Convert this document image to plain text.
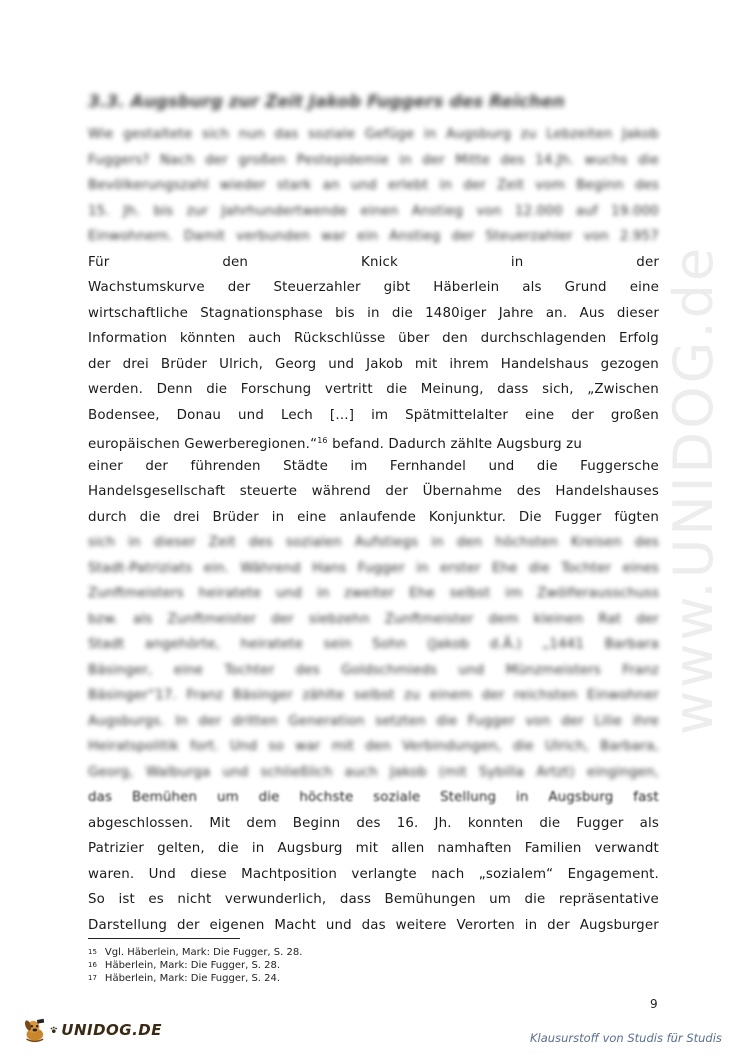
www.UNIDOG.de
3.3. Augsburg zur Zeit Jakob Fuggers des Reichen
Wie gestaltete sich nun das soziale Gefüge in Augsburg zu Lebzeiten Jakob
Fuggers? Nach der großen Pestepidemie in der Mitte des 14.Jh. wuchs die
Bevölkerungszahl wieder stark an und erlebt in der Zeit vom Beginn des
15. Jh. bis zur Jahrhundertwende einen Anstieg von 12.000 auf 19.000
Einwohnern. Damit verbunden war ein Anstieg der Steuerzahler von 2.957
Für	den	Knick	in	der
Wachstumskurve der Steuerzahler gibt Häberlein als Grund eine
wirtschaftliche Stagnationsphase bis in die 1480iger Jahre an. Aus dieser
Information könnten auch Rückschlüsse über den durchschlagenden Erfolg
der drei Brüder Ulrich, Georg und Jakob mit ihrem Handelshaus gezogen
werden. Denn die Forschung vertritt die Meinung, dass sich, „Zwischen
Bodensee, Donau und Lech […] im Spätmittelalter eine der großen
europäischen Gewerberegionen.“$^{16}$ befand. Dadurch zählte Augsburg zu
einer der führenden Städte im Fernhandel und die Fuggersche
Handelsgesellschaft steuerte während der Übernahme des Handelshauses
durch die drei Brüder in eine anlaufende Konjunktur. Die Fugger fügten
sich in dieser Zeit des sozialen Aufstiegs in den höchsten Kreisen des
Stadt-Patriziats ein. Während Hans Fugger in erster Ehe die Tochter eines
Zunftmeisters heiratete und in zweiter Ehe selbst im Zwölferausschuss
bzw. als Zunftmeister der siebzehn Zunftmeister dem kleinen Rat der
Stadt angehörte, heiratete sein Sohn (Jakob d.Ä.) „1441 Barbara
Bäsinger, eine Tochter des Goldschmieds und Münzmeisters Franz
Bäsinger“17. Franz Bäsinger zählte selbst zu einem der reichsten Einwohner
Augsburgs. In der dritten Generation setzten die Fugger von der Lilie ihre
Heiratspolitik fort. Und so war mit den Verbindungen, die Ulrich, Barbara,
Georg, Walburga und schließlich auch Jakob (mit Sybilla Artzt) eingingen,
das Bemühen um die höchste soziale Stellung in Augsburg fast
abgeschlossen. Mit dem Beginn des 16. Jh. konnten die Fugger als
Patrizier gelten, die in Augsburg mit allen namhaften Familien verwandt
waren. Und diese Machtposition verlangte nach „sozialem“ Engagement.
So ist es nicht verwunderlich, dass Bemühungen um die repräsentative
Darstellung der eigenen Macht und das weitere Verorten in der Augsburger
15 Vgl. Häberlein, Mark: Die Fugger, S. 28.
16 Häberlein, Mark: Die Fugger, S. 28.
17 Häberlein, Mark: Die Fugger, S. 24.
9
UNIDOG.DE	Klausurstoff von Studis für Studis
